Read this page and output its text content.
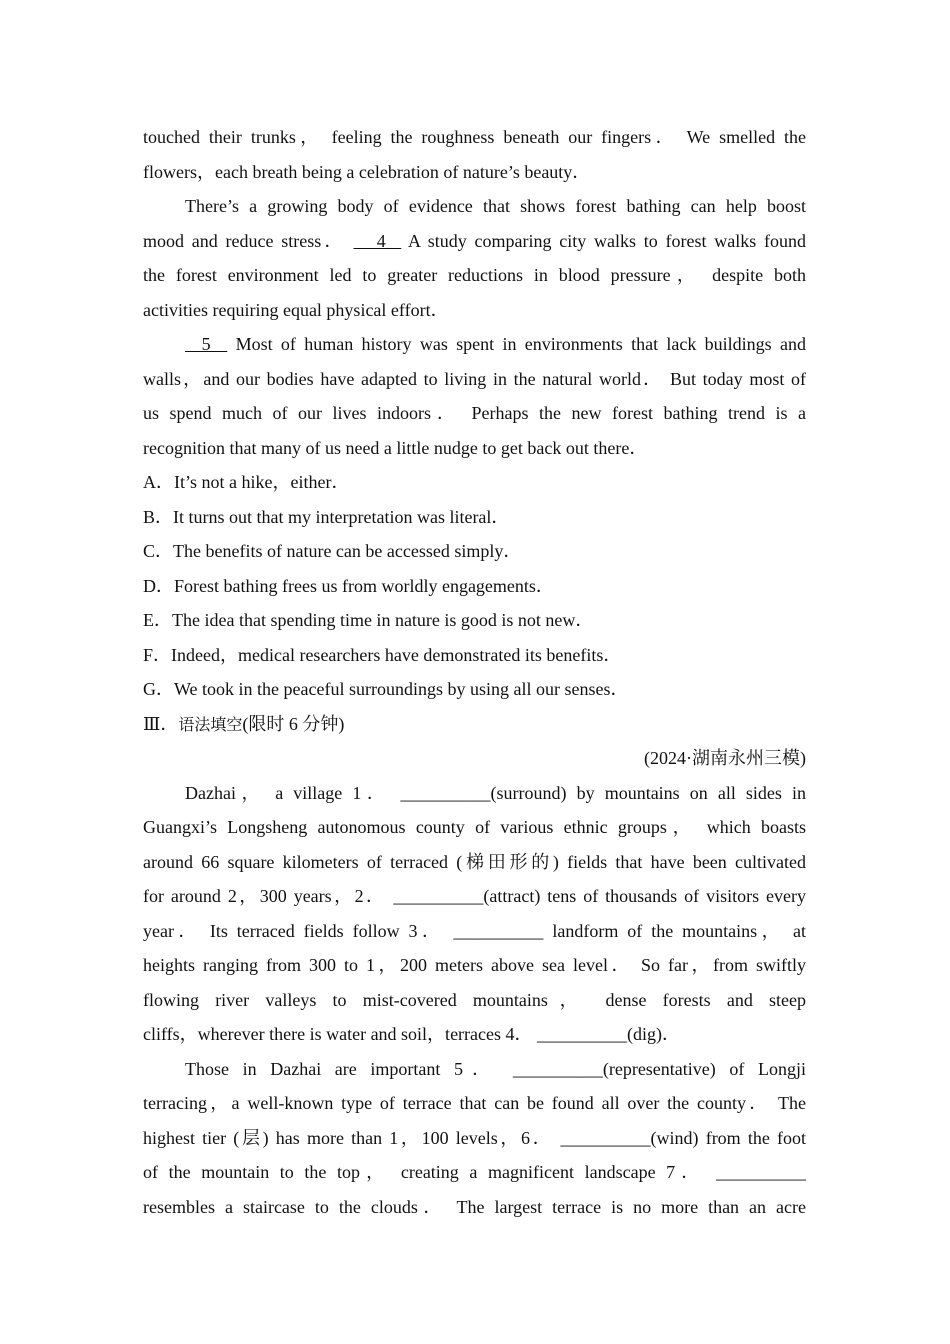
touched their trunks， feeling the roughness beneath our fingers． We smelled the
flowers，each breath being a celebration of nature’s beauty．
There’s a growing body of evidence that shows forest bathing can help boost
mood and reduce stress．    4   A study comparing city walks to forest walks found
the forest environment led to greater reductions in blood pressure， despite both
activities requiring equal physical effort．
5   Most of human history was spent in environments that lack buildings and
walls，and our bodies have adapted to living in the natural world． But today most of
us spend much of our lives indoors． Perhaps the new forest bathing trend is a
recognition that many of us need a little nudge to get back out there．
A．It’s not a hike，either．
B．It turns out that my interpretation was literal．
C．The benefits of nature can be accessed simply．
D．Forest bathing frees us from worldly engagements．
E．The idea that spending time in nature is good is not new．
F．Indeed，medical researchers have demonstrated its benefits．
G．We took in the peaceful surroundings by using all our senses．
Ⅲ．语法填空(限时 6 分钟)
(2024·湖南永州三模)
Dazhai， a village 1． __________(surround) by mountains on all sides in
Guangxi’s Longsheng autonomous county of various ethnic groups， which boasts
around 66 square kilometers of terraced (梯田形的) fields that have been cultivated
for around 2，300 years，2． __________(attract) tens of thousands of visitors every
year． Its terraced fields follow 3． __________ landform of the mountains， at
heights ranging from 300 to 1，200 meters above sea level． So far，from swiftly
flowing river valleys to mist-covered mountains， dense forests and steep
cliffs，wherever there is water and soil，terraces 4． __________(dig)．
Those in Dazhai are important 5． __________(representative) of Longji
terracing，a well-known type of terrace that can be found all over the county． The
highest tier (层) has more than 1，100 levels，6． __________(wind) from the foot
of the mountain to the top， creating a magnificent landscape 7． __________
resembles a staircase to the clouds． The largest terrace is no more than an acre
